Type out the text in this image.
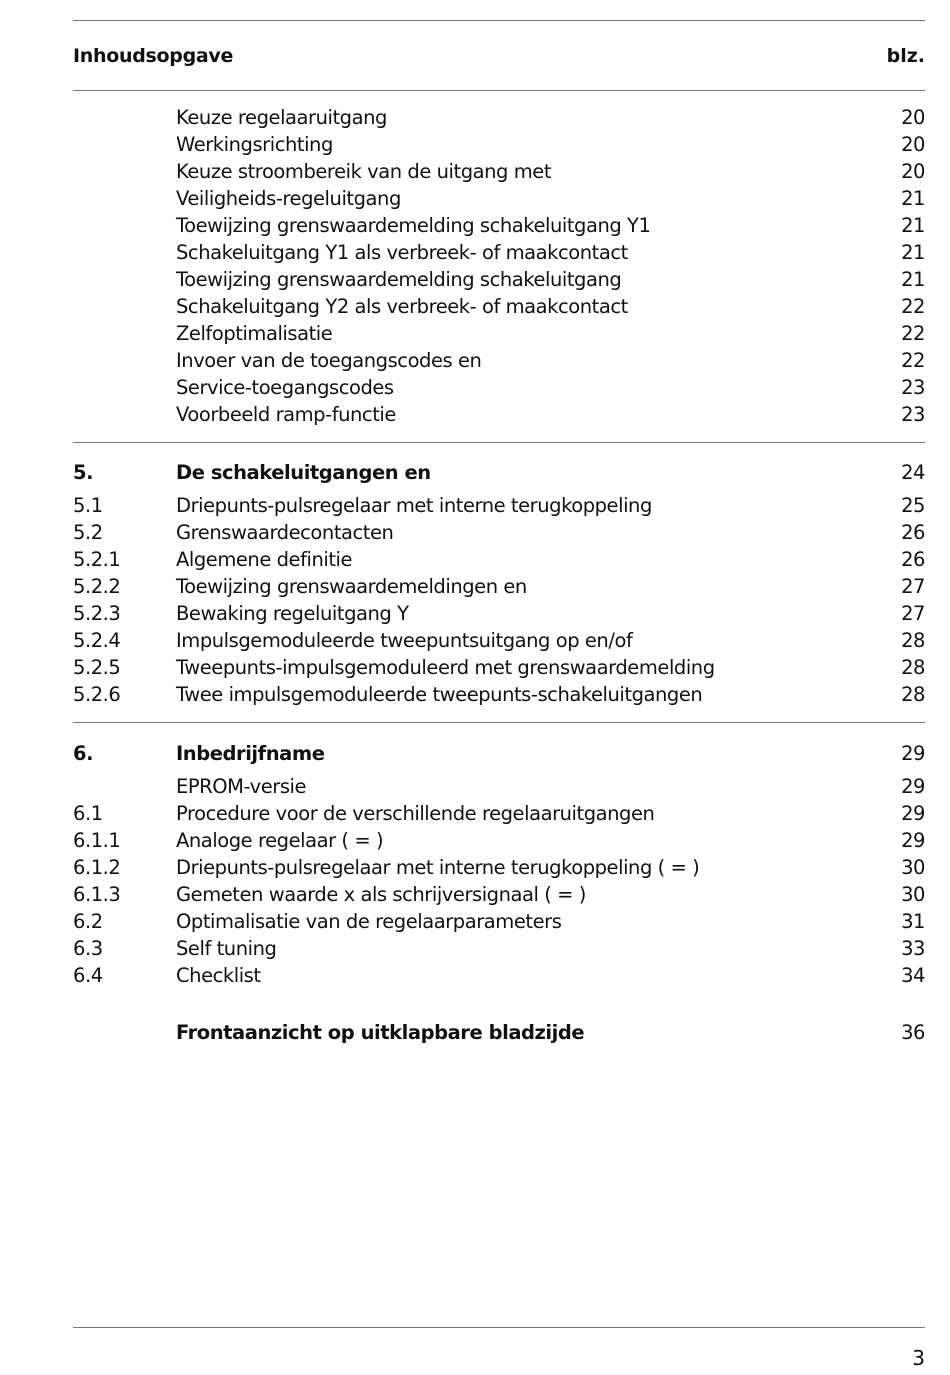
Inhoudsopgave	blz.
Keuze regelaaruitgang	20
Werkingsrichting	20
Keuze stroombereik van de uitgang met	20
Veiligheids-regeluitgang	21
Toewijzing grenswaardemelding schakeluitgang Y1	21
Schakeluitgang Y1 als verbreek- of maakcontact	21
Toewijzing grenswaardemelding schakeluitgang	21
Schakeluitgang Y2 als verbreek- of maakcontact	22
Zelfoptimalisatie	22
Invoer van de toegangscodes en	22
Service-toegangscodes	23
Voorbeeld ramp-functie	23
5.	De schakeluitgangen en	24
5.1	Driepunts-pulsregelaar met interne terugkoppeling	25
5.2	Grenswaardecontacten	26
5.2.1	Algemene definitie	26
5.2.2	Toewijzing grenswaardemeldingen en	27
5.2.3	Bewaking regeluitgang Y	27
5.2.4	Impulsgemoduleerde tweepuntsuitgang op en/of	28
5.2.5	Tweepunts-impulsgemoduleerd met grenswaardemelding	28
5.2.6	Twee impulsgemoduleerde tweepunts-schakeluitgangen	28
6.	Inbedrijfname	29
EPROM-versie	29
6.1	Procedure voor de verschillende regelaaruitgangen	29
6.1.1	Analoge regelaar ( = )	29
6.1.2	Driepunts-pulsregelaar met interne terugkoppeling ( = )	30
6.1.3	Gemeten waarde x als schrijversignaal ( = )	30
6.2	Optimalisatie van de regelaarparameters	31
6.3	Self tuning	33
6.4	Checklist	34
Frontaanzicht op uitklapbare bladzijde	36
3
